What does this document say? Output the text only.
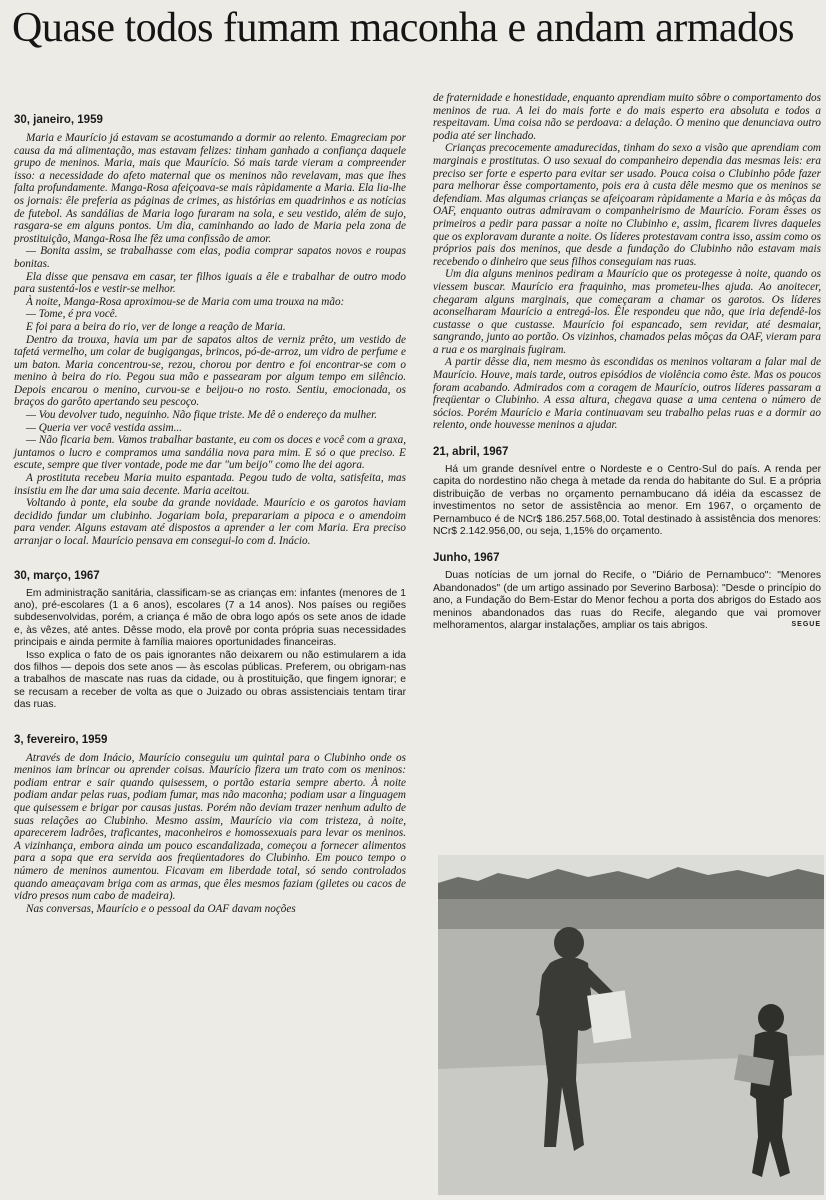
Quase todos fumam maconha e andam armados
30, janeiro, 1959

Maria e Maurício já estavam se acostumando a dormir ao relento. Emagreciam por causa da má alimentação, mas estavam felizes: tinham ganhado a confiança daquele grupo de meninos. Maria, mais que Maurício. Só mais tarde vieram a compreender isso: a necessidade do afeto maternal que os meninos não revelavam, mas que lhes falta profundamente. Manga-Rosa afeiçoava-se mais ràpidamente a Maria. Ela lia-lhe os jornais: êle preferia as páginas de crimes, as histórias em quadrinhos e as notícias de futebol. As sandálias de Maria logo furaram na sola, e seu vestido, além de sujo, rasgara-se em alguns pontos. Um dia, caminhando ao lado de Maria pela zona de prostituição, Manga-Rosa lhe fêz uma confissão de amor.

— Bonita assim, se trabalhasse com elas, podia comprar sapatos novos e roupas bonitas.

Ela disse que pensava em casar, ter filhos iguais a êle e trabalhar de outro modo para sustentá-los e vestir-se melhor.

À noite, Manga-Rosa aproximou-se de Maria com uma trouxa na mão:

— Tome, é pra você.

E foi para a beira do rio, ver de longe a reação de Maria.

Dentro da trouxa, havia um par de sapatos altos de verniz prêto, um vestido de tafetá vermelho, um colar de bugigangas, brincos, pó-de-arroz, um vidro de perfume e um baton. Maria concentrou-se, rezou, chorou por dentro e foi encontrar-se com o menino à beira do rio. Pegou sua mão e passearam por algum tempo em silêncio. Depois encarou o menino, curvou-se e beijou-o no rosto. Sentiu, emocionada, os braços do garôto apertando seu pescoço.

— Vou devolver tudo, neguinho. Não fique triste. Me dê o endereço da mulher.

— Queria ver você vestida assim...

— Não ficaria bem. Vamos trabalhar bastante, eu com os doces e você com a graxa, juntamos o lucro e compramos uma sandália nova para mim. E só o que preciso. E escute, sempre que tiver vontade, pode me dar "um beijo" como lhe dei agora.

A prostituta recebeu Maria muito espantada. Pegou tudo de volta, satisfeita, mas insistiu em lhe dar uma saia decente. Maria aceitou.

Voltando à ponte, ela soube da grande novidade. Maurício e os garotos haviam decidido fundar um clubinho. Jogariam bola, preparariam a pipoca e o amendoim para vender. Alguns estavam até dispostos a aprender a ler com Maria. Era preciso arranjar o local. Maurício pensava em consegui-lo com d. Inácio.

30, março, 1967

Em administração sanitária, classificam-se as crianças em: infantes (menores de 1 ano), pré-escolares (1 a 6 anos), escolares (7 a 14 anos). Nos países ou regiões subdesenvolvidas, porém, a criança é mão de obra logo após os sete anos de idade e, às vêzes, até antes. Dêsse modo, ela provê por conta própria suas necessidades principais e ainda permite à família maiores oportunidades financeiras.

Isso explica o fato de os pais ignorantes não deixarem ou não estimularem a ida dos filhos — depois dos sete anos — às escolas públicas. Preferem, ou obrigam-nas a trabalhos de mascate nas ruas da cidade, ou à prostituição, que fingem ignorar; e se recusam a receber de volta as que o Juizado ou obras assistenciais tentam tirar das ruas.

3, fevereiro, 1959

Através de dom Inácio, Maurício conseguiu um quintal para o Clubinho onde os meninos iam brincar ou aprender coisas. Maurício fizera um trato com os meninos: podiam entrar e sair quando quisessem, o portão estaria sempre aberto. À noite podiam andar pelas ruas, podiam fumar, mas não maconha; podiam usar a linguagem que quisessem e brigar por causas justas. Porém não deviam trazer nenhum adulto de suas relações ao Clubinho. Mesmo assim, Maurício via com tristeza, à noite, aparecerem ladrões, traficantes, maconheiros e homossexuais para levar os meninos. A vizinhança, embora ainda um pouco escandalizada, começou a fornecer alimentos para a sopa que era servida aos freqüentadores do Clubinho. Em pouco tempo o número de meninos aumentou. Ficavam em liberdade total, só sendo controlados quando ameaçavam briga com as armas, que êles mesmos faziam (giletes ou cacos de vidro presos num cabo de madeira).

Nas conversas, Maurício e o pessoal da OAF davam noções

de fraternidade e honestidade, enquanto aprendiam muito sôbre o comportamento dos meninos de rua. A lei do mais forte e do mais esperto era absoluta e todos a respeitavam. Uma coisa não se perdoava: a delação. O menino que denunciava outro podia até ser linchado.

Crianças precocemente amadurecidas, tinham do sexo a visão que aprendiam com marginais e prostitutas. O uso sexual do companheiro dependia das mesmas leis: era preciso ser forte e esperto para evitar ser usado. Pouca coisa o Clubinho pôde fazer para melhorar êsse comportamento, pois era à custa dêle mesmo que os meninos se defendiam. Mas algumas crianças se afeiçoaram ràpidamente a Maria e às môças da OAF, enquanto outras admiravam o companheirismo de Maurício. Foram êsses os primeiros a pedir para passar a noite no Clubinho e, assim, ficarem livres daqueles que os exploravam durante a noite. Os líderes protestavam contra isso, assim como os próprios pais dos meninos, que desde a fundação do Clubinho não estavam mais recebendo o dinheiro que seus filhos conseguiam nas ruas.

Um dia alguns meninos pediram a Maurício que os protegesse à noite, quando os viessem buscar. Maurício era fraquinho, mas prometeu-lhes ajuda. Ao anoitecer, chegaram alguns marginais, que começaram a chamar os garotos. Os líderes aconselharam Maurício a entregá-los. Êle respondeu que não, que iria defendê-los custasse o que custasse. Maurício foi espancado, sem revidar, até desmaiar, sangrando, junto ao portão. Os vizinhos, chamados pelas môças da OAF, vieram para a rua e os marginais fugiram.

A partir dêsse dia, nem mesmo às escondidas os meninos voltaram a falar mal de Maurício. Houve, mais tarde, outros episódios de violência como êste. Mas os poucos foram acabando. Admirados com a coragem de Maurício, outros líderes passaram a freqüentar o Clubinho. A essa altura, chegava quase a uma centena o número de sócios. Porém Maurício e Maria continuavam seu trabalho pelas ruas e a dormir ao relento, onde houvesse meninos a ajudar.

21, abril, 1967

Há um grande desnível entre o Nordeste e o Centro-Sul do país. A renda per capita do nordestino não chega à metade da renda do habitante do Sul. E a própria distribuição de verbas no orçamento pernambucano dá idéia da escassez de investimentos no setor de assistência ao menor. Em 1967, o orçamento de Pernambuco é de NCr$ 186.257.568,00. Total destinado à assistência dos menores: NCr$ 2.142.956,00, ou seja, 1,15% do orçamento.

Junho, 1967

Duas notícias de um jornal do Recife, o "Diário de Pernambuco": "Menores Abandonados" (de um artigo assinado por Severino Barbosa): "Desde o princípio do ano, a Fundação do Bem-Estar do Menor fechou a porta dos abrigos do Estado aos meninos abandonados das ruas do Recife, alegando que vai promover melhoramentos, alargar instalações, ampliar os tais abrigos.	SEGUE
